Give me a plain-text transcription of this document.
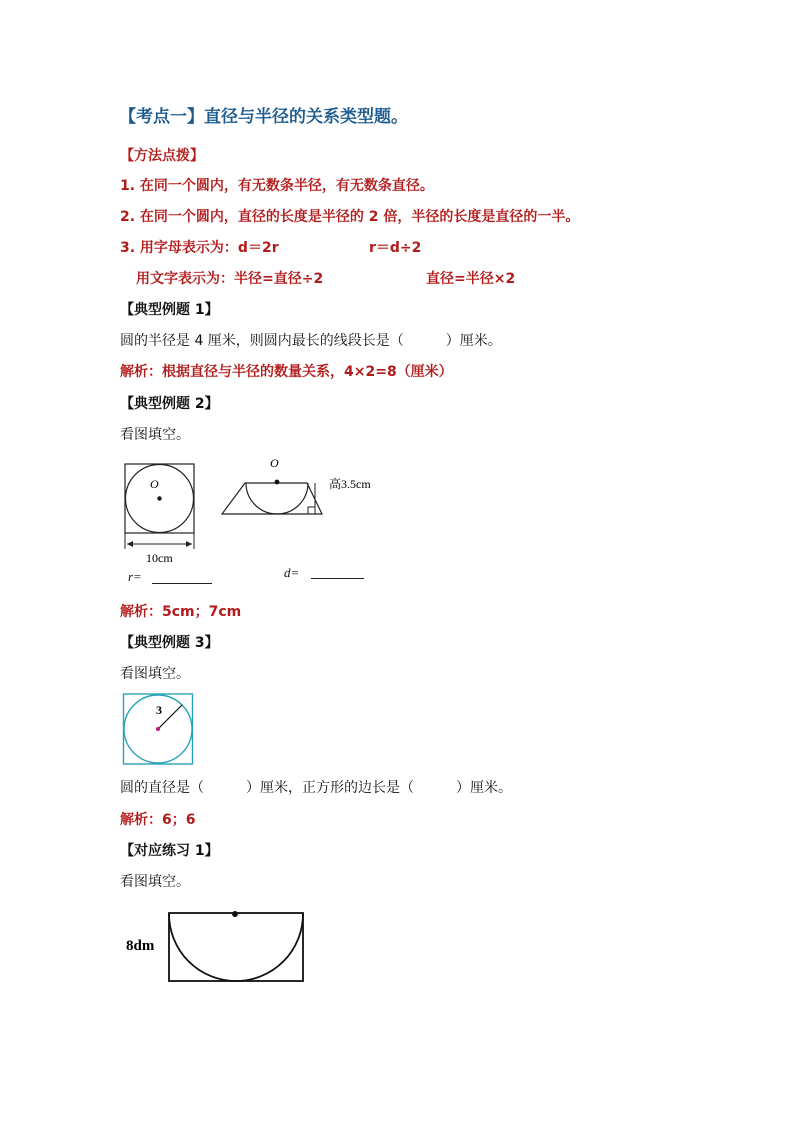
【考点一】直径与半径的关系类型题。
【方法点拨】
1. 在同一个圆内，有无数条半径，有无数条直径。
2. 在同一个圆内，直径的长度是半径的 2 倍，半径的长度是直径的一半。
3. 用字母表示为：d＝2r	r＝d÷2
用文字表示为：半径=直径÷2	直径=半径×2
【典型例题 1】
圆的半径是 4 厘米，则圆内最长的线段长是（　　　）厘米。
解析：根据直径与半径的数量关系，4×2=8（厘米）
【典型例题 2】
看图填空。
O
10cm
O
高3.5cm
r=	d=
解析：5cm；7cm
【典型例题 3】
看图填空。
3
圆的直径是（　　　）厘米，正方形的边长是（　　　）厘米。
解析：6；6
【对应练习 1】
看图填空。
8dm
